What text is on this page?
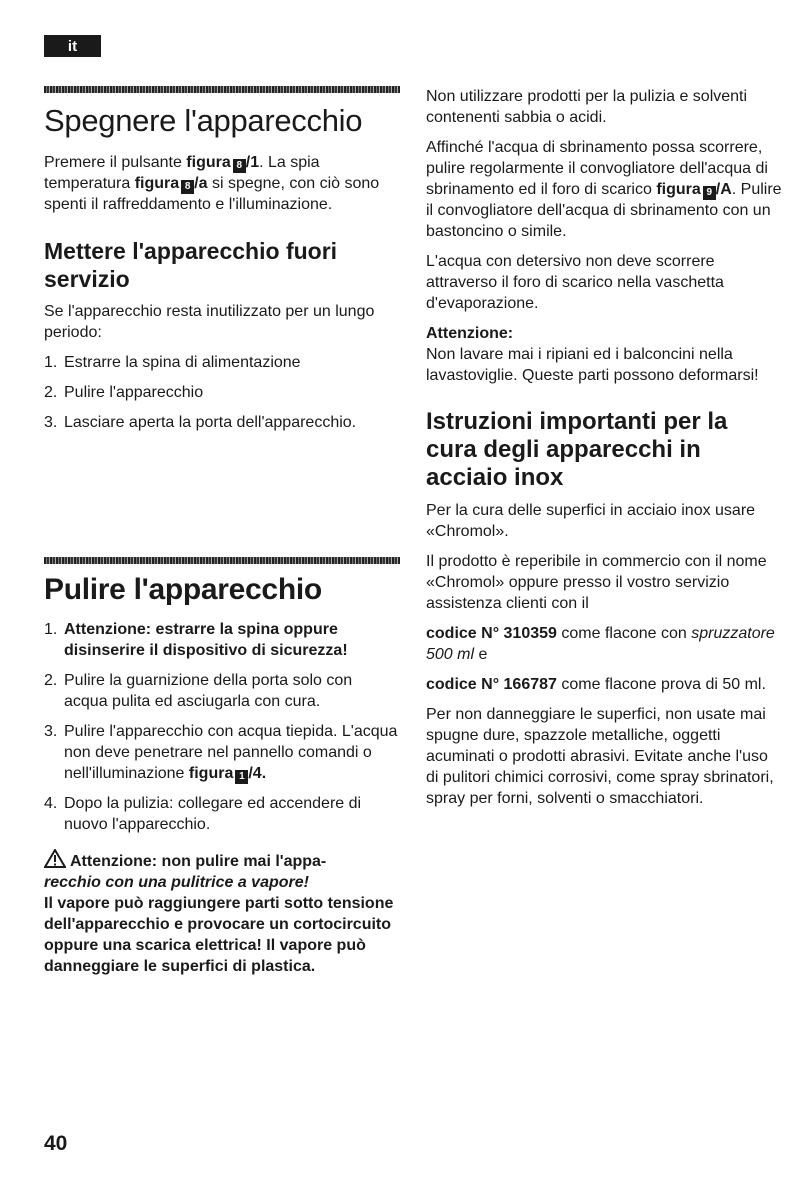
it
Spegnere l'apparecchio

Premere il pulsante figura 8 /1. La spia temperatura figura 8 /a si spegne, con ciò sono spenti il raffreddamento e l'illuminazione.

Mettere l'apparecchio fuori servizio

Se l'apparecchio resta inutilizzato per un lungo periodo:

1. Estrarre la spina di alimentazione
2. Pulire l'apparecchio
3. Lasciare aperta la porta dell'apparecchio.
Pulire l'apparecchio
1. Attenzione: estrarre la spina oppure disinserire il dispositivo di sicurezza!
2. Pulire la guarnizione della porta solo con acqua pulita ed asciugarla con cura.
3. Pulire l'apparecchio con acqua tiepida. L'acqua non deve penetrare nel pannello comandi o nell'illuminazione figura 1 /4.
4. Dopo la pulizia: collegare ed accendere di nuovo l'apparecchio.

Attenzione: non pulire mai l'appa-
recchio con una pulitrice a vapore!
Il vapore può raggiungere parti sotto tensione dell'apparecchio e provocare un cortocircuito oppure una scarica elettrica! Il vapore può danneggiare le superfici di plastica.

Non utilizzare prodotti per la pulizia e solventi contenenti sabbia o acidi.

Affinché l'acqua di sbrinamento possa scorrere, pulire regolarmente il convogliatore dell'acqua di sbrinamento ed il foro di scarico figura 9 /A. Pulire il convogliatore dell'acqua di sbrinamento con un bastoncino o simile.

L'acqua con detersivo non deve scorrere attraverso il foro di scarico nella vaschetta d'evaporazione.

Attenzione:
Non lavare mai i ripiani ed i balconcini nella lavastoviglie. Queste parti possono deformarsi!

Istruzioni importanti per la cura degli apparecchi in acciaio inox

Per la cura delle superfici in acciaio inox usare «Chromol».

Il prodotto è reperibile in commercio con il nome «Chromol» oppure presso il vostro servizio assistenza clienti con il

codice N° 310359 come flacone con spruzzatore 500 ml e

codice N° 166787 come flacone prova di 50 ml.

Per non danneggiare le superfici, non usate mai spugne dure, spazzole metalliche, oggetti acuminati o prodotti abrasivi. Evitate anche l'uso di pulitori chimici corrosivi, come spray sbrinatori, spray per forni, solventi o smacchiatori.

40
